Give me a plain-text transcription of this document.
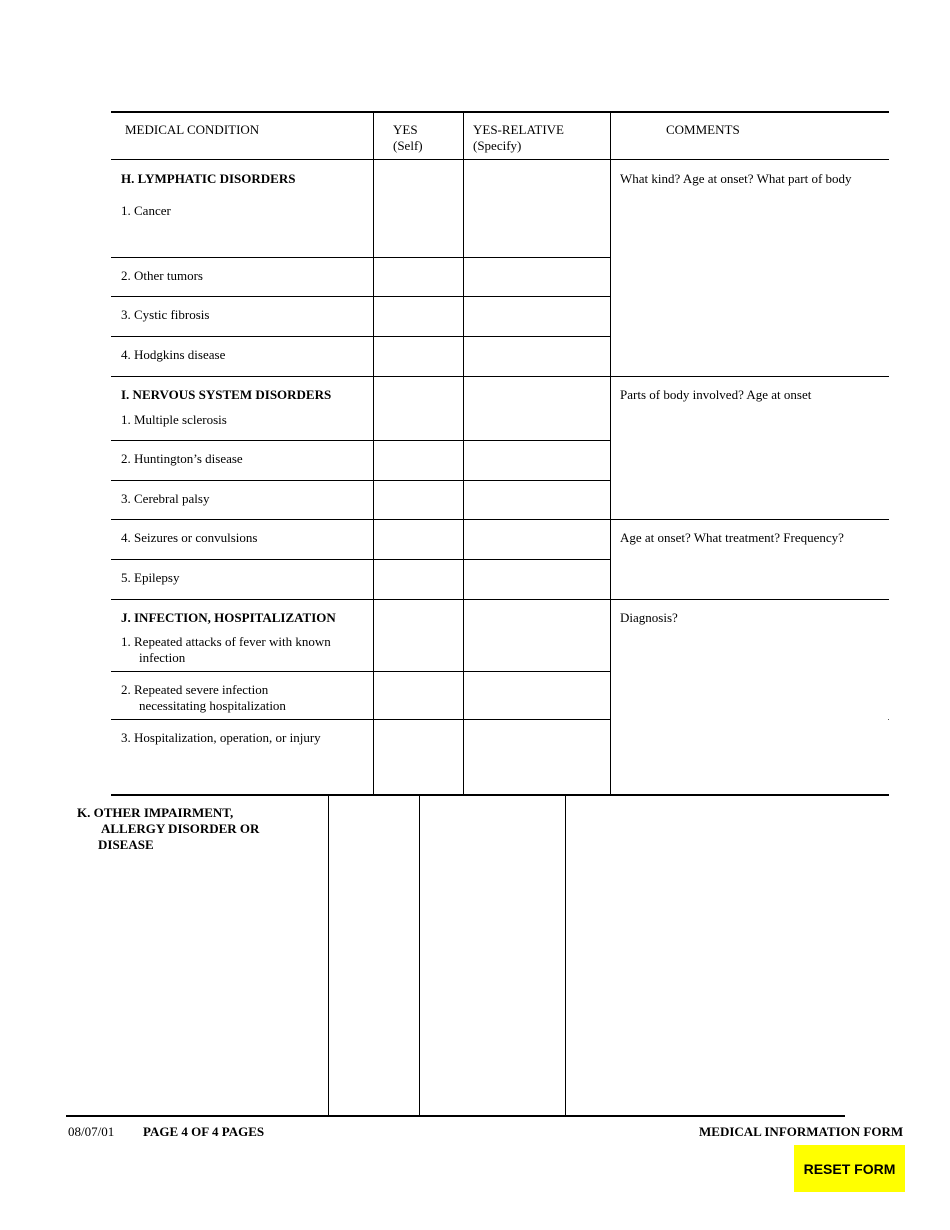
MEDICAL CONDITION	YES
(Self)
YES-RELATIVE
(Specify)
COMMENTS
H. LYMPHATIC DISORDERS
1. Cancer
2. Other tumors
3. Cystic fibrosis
4. Hodgkins disease
What kind? Age at onset? What part of body
I. NERVOUS SYSTEM DISORDERS
1. Multiple sclerosis
2. Huntington’s disease
3. Cerebral palsy
4. Seizures or convulsions
5. Epilepsy
Parts of body involved? Age at onset
Age at onset? What treatment? Frequency?
J. INFECTION, HOSPITALIZATION
1. Repeated attacks of fever with known
infection
2. Repeated severe infection
necessitating hospitalization
3. Hospitalization, operation, or injury
Diagnosis?
K. OTHER IMPAIRMENT,
ALLERGY DISORDER OR
DISEASE
08/07/01 PAGE 4 OF 4 PAGES	MEDICAL INFORMATION FORM
RESET FORM
